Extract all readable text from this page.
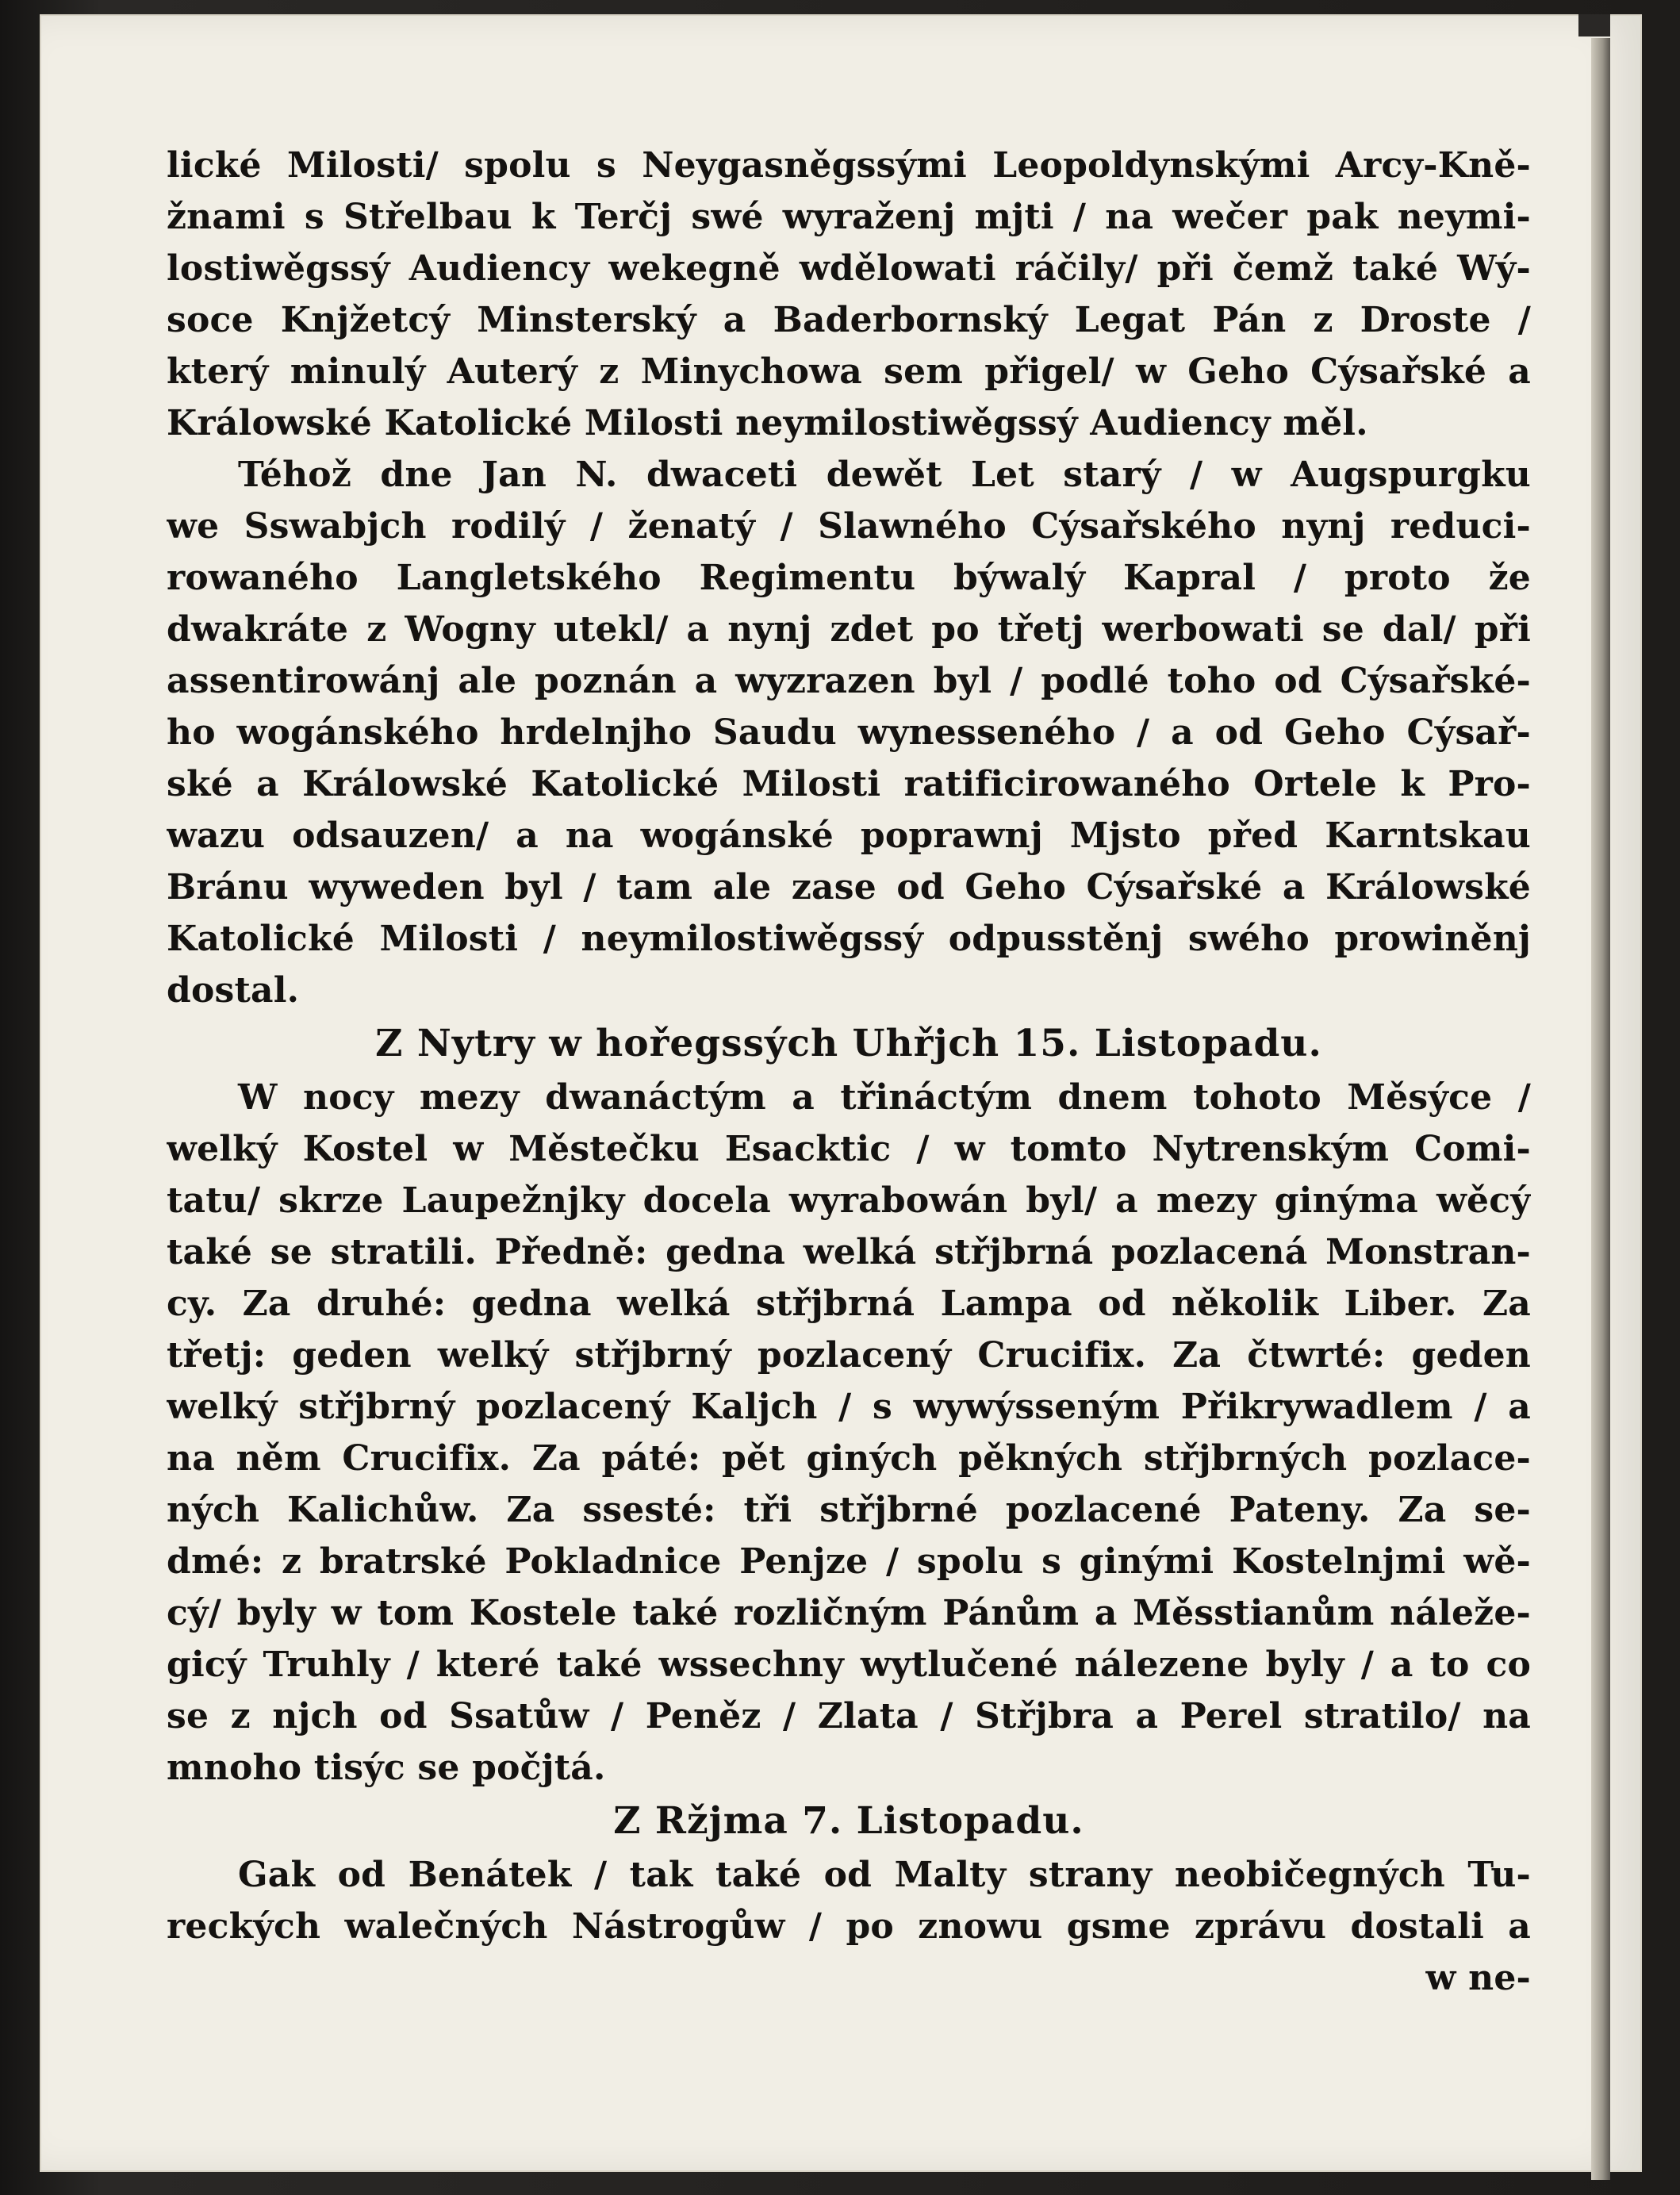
lické Milosti/ spolu s Neygasněgssými Leopoldynskými Arcy-Kně-
žnami s Střelbau k Terčj swé wyraženj mjti / na wečer pak neymi-
lostiwěgssý Audiency wekegně wdělowati ráčily/ při čemž také Wý-
soce Knjžetcý Minsterský a Baderbornský Legat Pán z Droste /
který minulý Auterý z Minychowa sem přigel/ w Geho Cýsařské a
Králowské Katolické Milosti neymilostiwěgssý Audiency měl.

Téhož dne Jan N. dwaceti dewět Let starý / w Augspurgku
we Sswabjch rodilý / ženatý / Slawného Cýsařského nynj reduci-
rowaného Langletského Regimentu býwalý Kapral / proto že
dwakráte z Wogny utekl/ a nynj zdet po třetj werbowati se dal/ při
assentirowánj ale poznán a wyzrazen byl / podlé toho od Cýsařské-
ho wogánského hrdelnjho Saudu wynesseného / a od Geho Cýsař-
ské a Králowské Katolické Milosti ratificirowaného Ortele k Pro-
wazu odsauzen/ a na wogánské poprawnj Mjsto před Karntskau
Bránu wyweden byl / tam ale zase od Geho Cýsařské a Králowské
Katolické Milosti / neymilostiwěgssý odpusstěnj swého prowiněnj
dostal.

Z Nytry w hořegssých Uhřjch 15. Listopadu.

W nocy mezy dwanáctým a třináctým dnem tohoto Měsýce /
welký Kostel w Městečku Esacktic / w tomto Nytrenským Comi-
tatu/ skrze Laupežnjky docela wyrabowán byl/ a mezy ginýma wěcý
také se stratili. Předně: gedna welká střjbrná pozlacená Monstran-
cy. Za druhé: gedna welká střjbrná Lampa od několik Liber. Za
třetj: geden welký střjbrný pozlacený Crucifix. Za čtwrté: geden
welký střjbrný pozlacený Kaljch / s wywýsseným Přikrywadlem / a
na něm Crucifix. Za páté: pět giných pěkných střjbrných pozlace-
ných Kalichůw. Za ssesté: tři střjbrné pozlacené Pateny. Za se-
dmé: z bratrské Pokladnice Penjze / spolu s ginými Kostelnjmi wě-
cý/ byly w tom Kostele také rozličným Pánům a Měsstianům náleže-
gicý Truhly / které také wssechny wytlučené nálezene byly / a to co
se z njch od Ssatůw / Peněz / Zlata / Střjbra a Perel stratilo/ na
mnoho tisýc se počjtá.

Z Ržjma 7. Listopadu.

Gak od Benátek / tak také od Malty strany neobičegných Tu-
reckých walečných Nástrogůw / po znowu gsme zprávu dostali a

w ne-
